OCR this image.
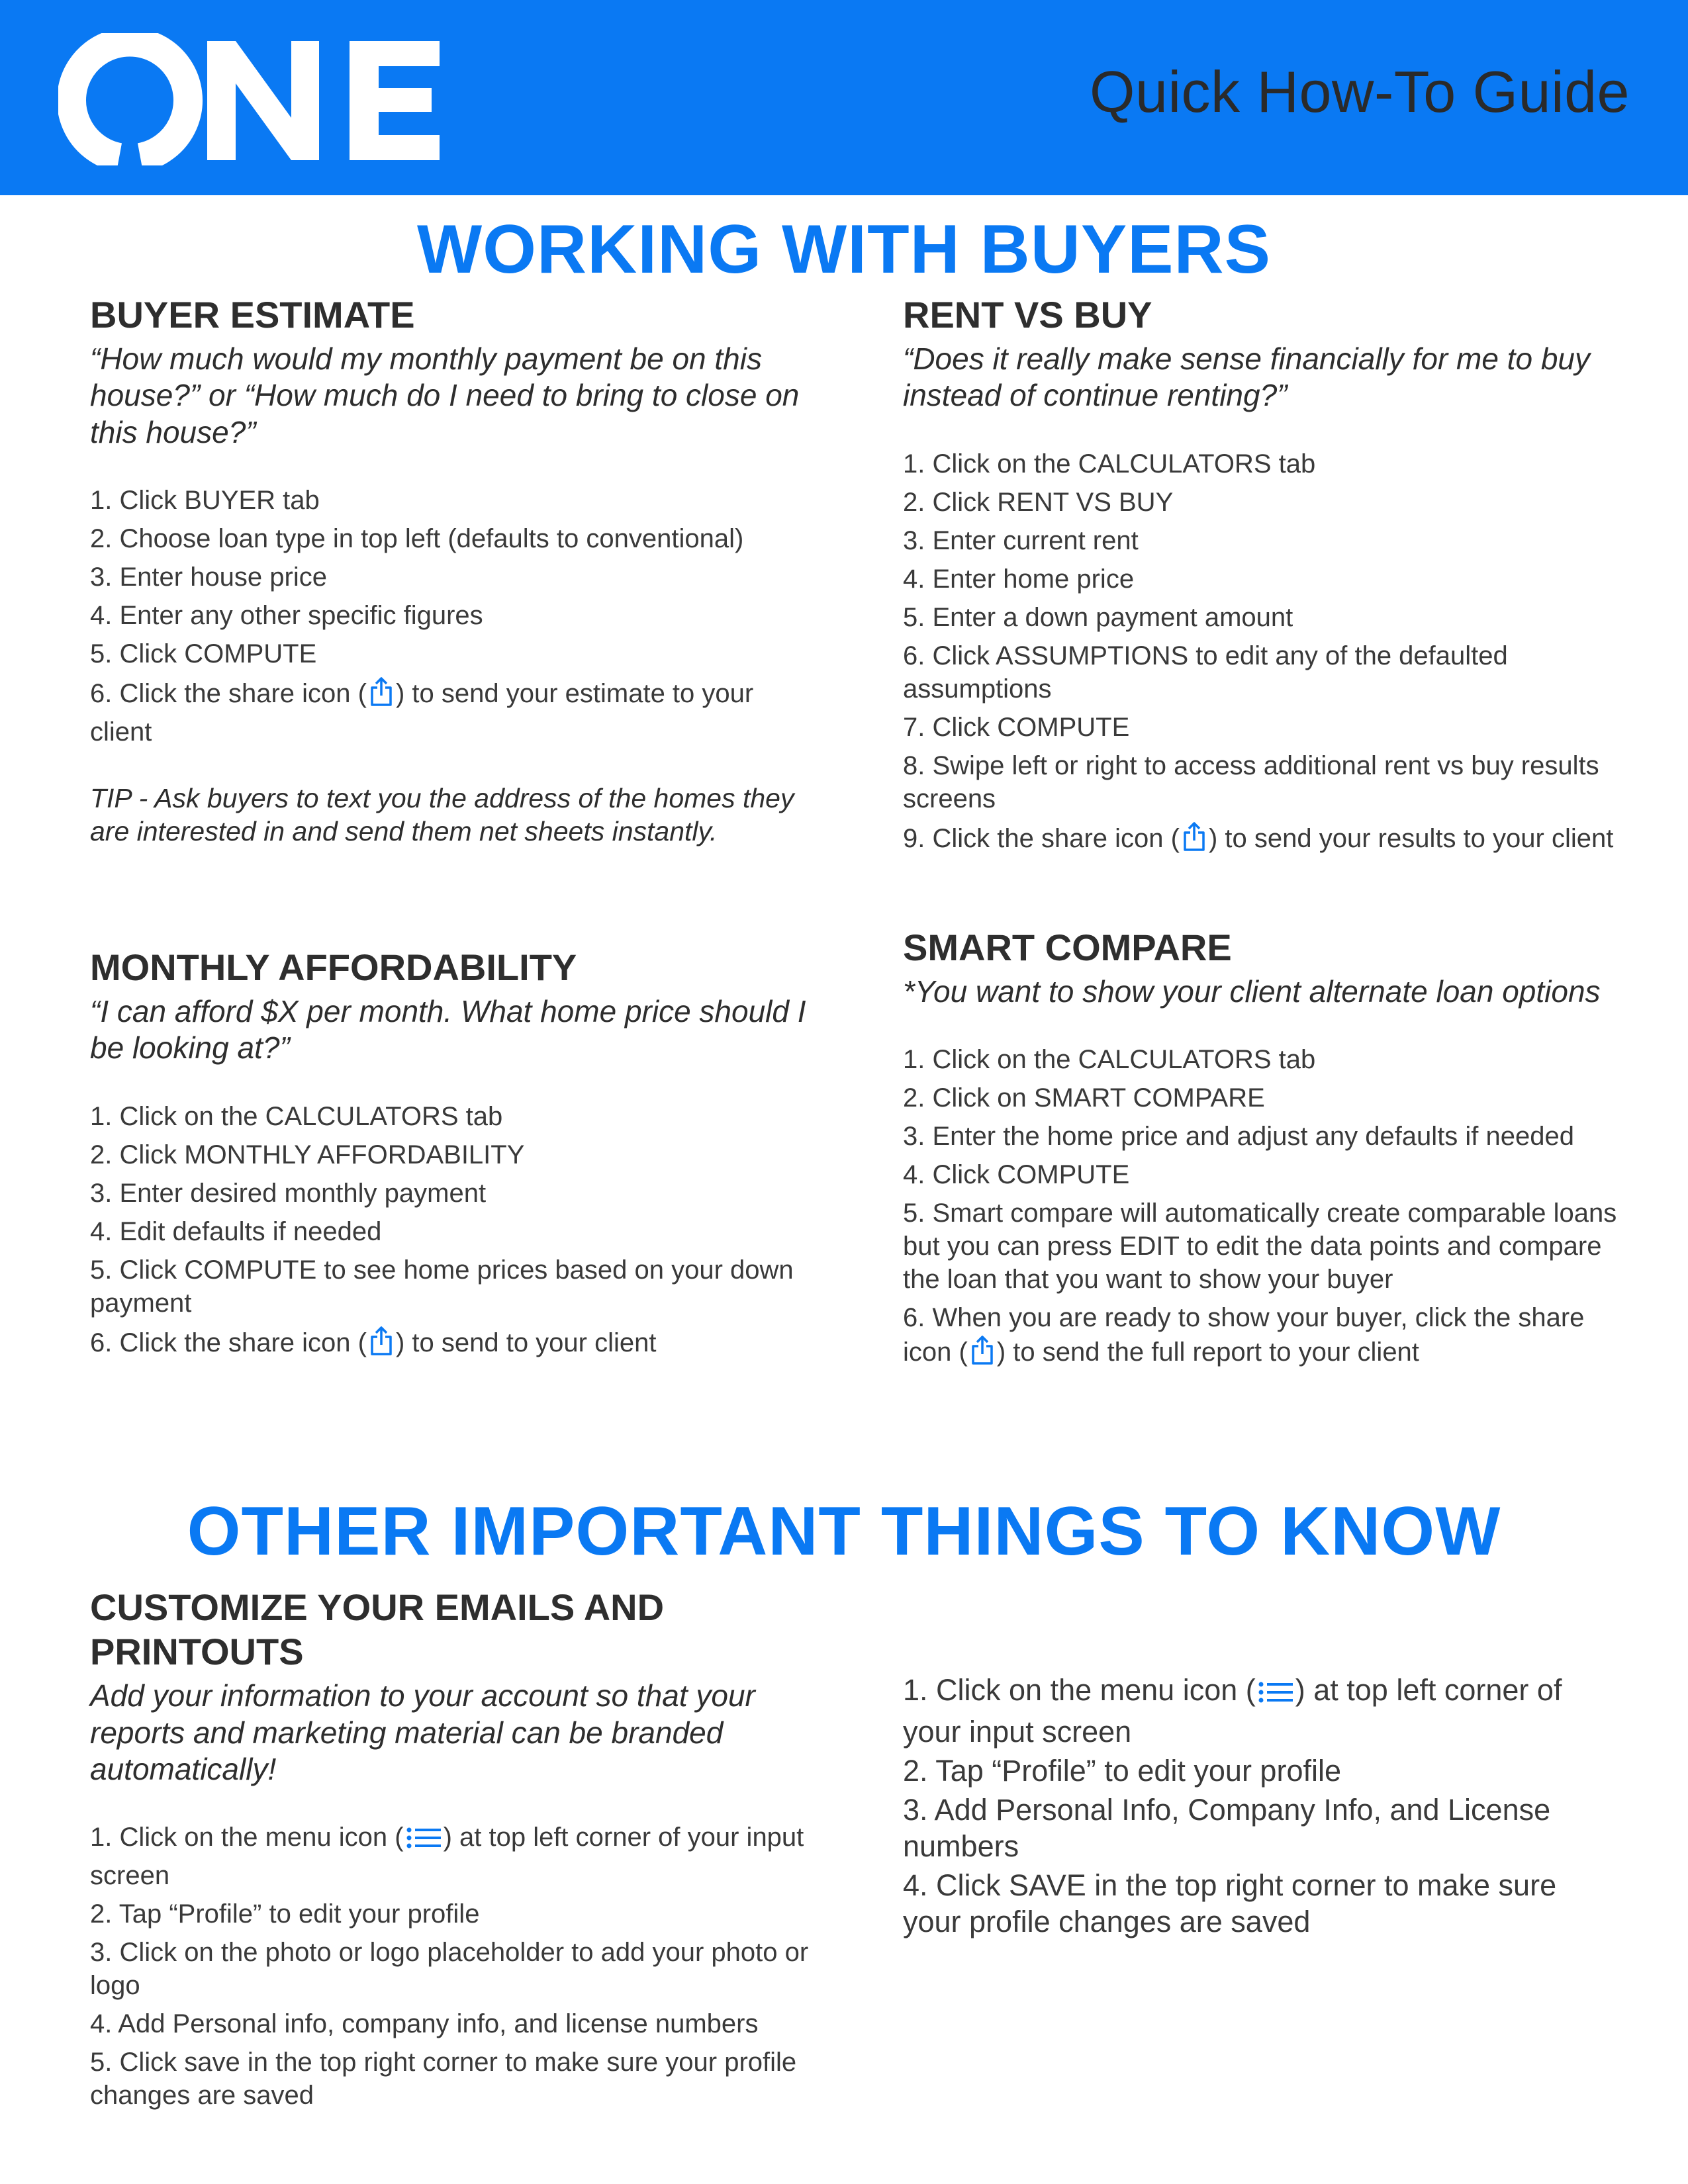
Quick How-To Guide
WORKING WITH BUYERS
BUYER ESTIMATE

“How much would my monthly payment be on this house?” or “How much do I need to bring to close on this house?”

1. Click BUYER tab
2. Choose loan type in top left (defaults to conventional)
3. Enter house price
4. Enter any other specific figures
5. Click COMPUTE
6. Click the share icon ( ) to send your estimate to your client
TIP - Ask buyers to text you the address of the homes they are interested in and send them net sheets instantly.
MONTHLY AFFORDABILITY

“I can afford $X per month. What home price should I be looking at?”

1. Click on the CALCULATORS tab
2. Click MONTHLY AFFORDABILITY
3. Enter desired monthly payment
4. Edit defaults if needed
5. Click COMPUTE to see home prices based on your down payment
6. Click the share icon ( ) to send to your client
RENT VS BUY

“Does it really make sense financially for me to buy instead of continue renting?”

1. Click on the CALCULATORS tab
2. Click RENT VS BUY
3. Enter current rent
4. Enter home price
5. Enter a down payment amount
6. Click ASSUMPTIONS to edit any of the defaulted assumptions
7. Click COMPUTE
8. Swipe left or right to access additional rent vs buy results screens
9. Click the share icon ( ) to send your results to your client
SMART COMPARE

*You want to show your client alternate loan options

1. Click on the CALCULATORS tab
2. Click on SMART COMPARE
3. Enter the home price and adjust any defaults if needed
4. Click COMPUTE
5. Smart compare will automatically create comparable loans but you can press EDIT to edit the data points and compare the loan that you want to show your buyer
6. When you are ready to show your buyer, click the share icon ( ) to send the full report to your client
OTHER IMPORTANT THINGS TO KNOW
CUSTOMIZE YOUR EMAILS AND PRINTOUTS

Add your information to your account so that your reports and marketing material can be branded automatically!

1. Click on the menu icon ( ) at top left corner of your input screen
2. Tap “Profile” to edit your profile
3. Click on the photo or logo placeholder to add your photo or logo
4. Add Personal info, company info, and license numbers
5. Click save in the top right corner to make sure your profile changes are saved
1. Click on the menu icon ( ) at top left corner of your input screen
2. Tap “Profile” to edit your profile
3. Add Personal Info, Company Info, and License numbers
4. Click SAVE in the top right corner to make sure your profile changes are saved
